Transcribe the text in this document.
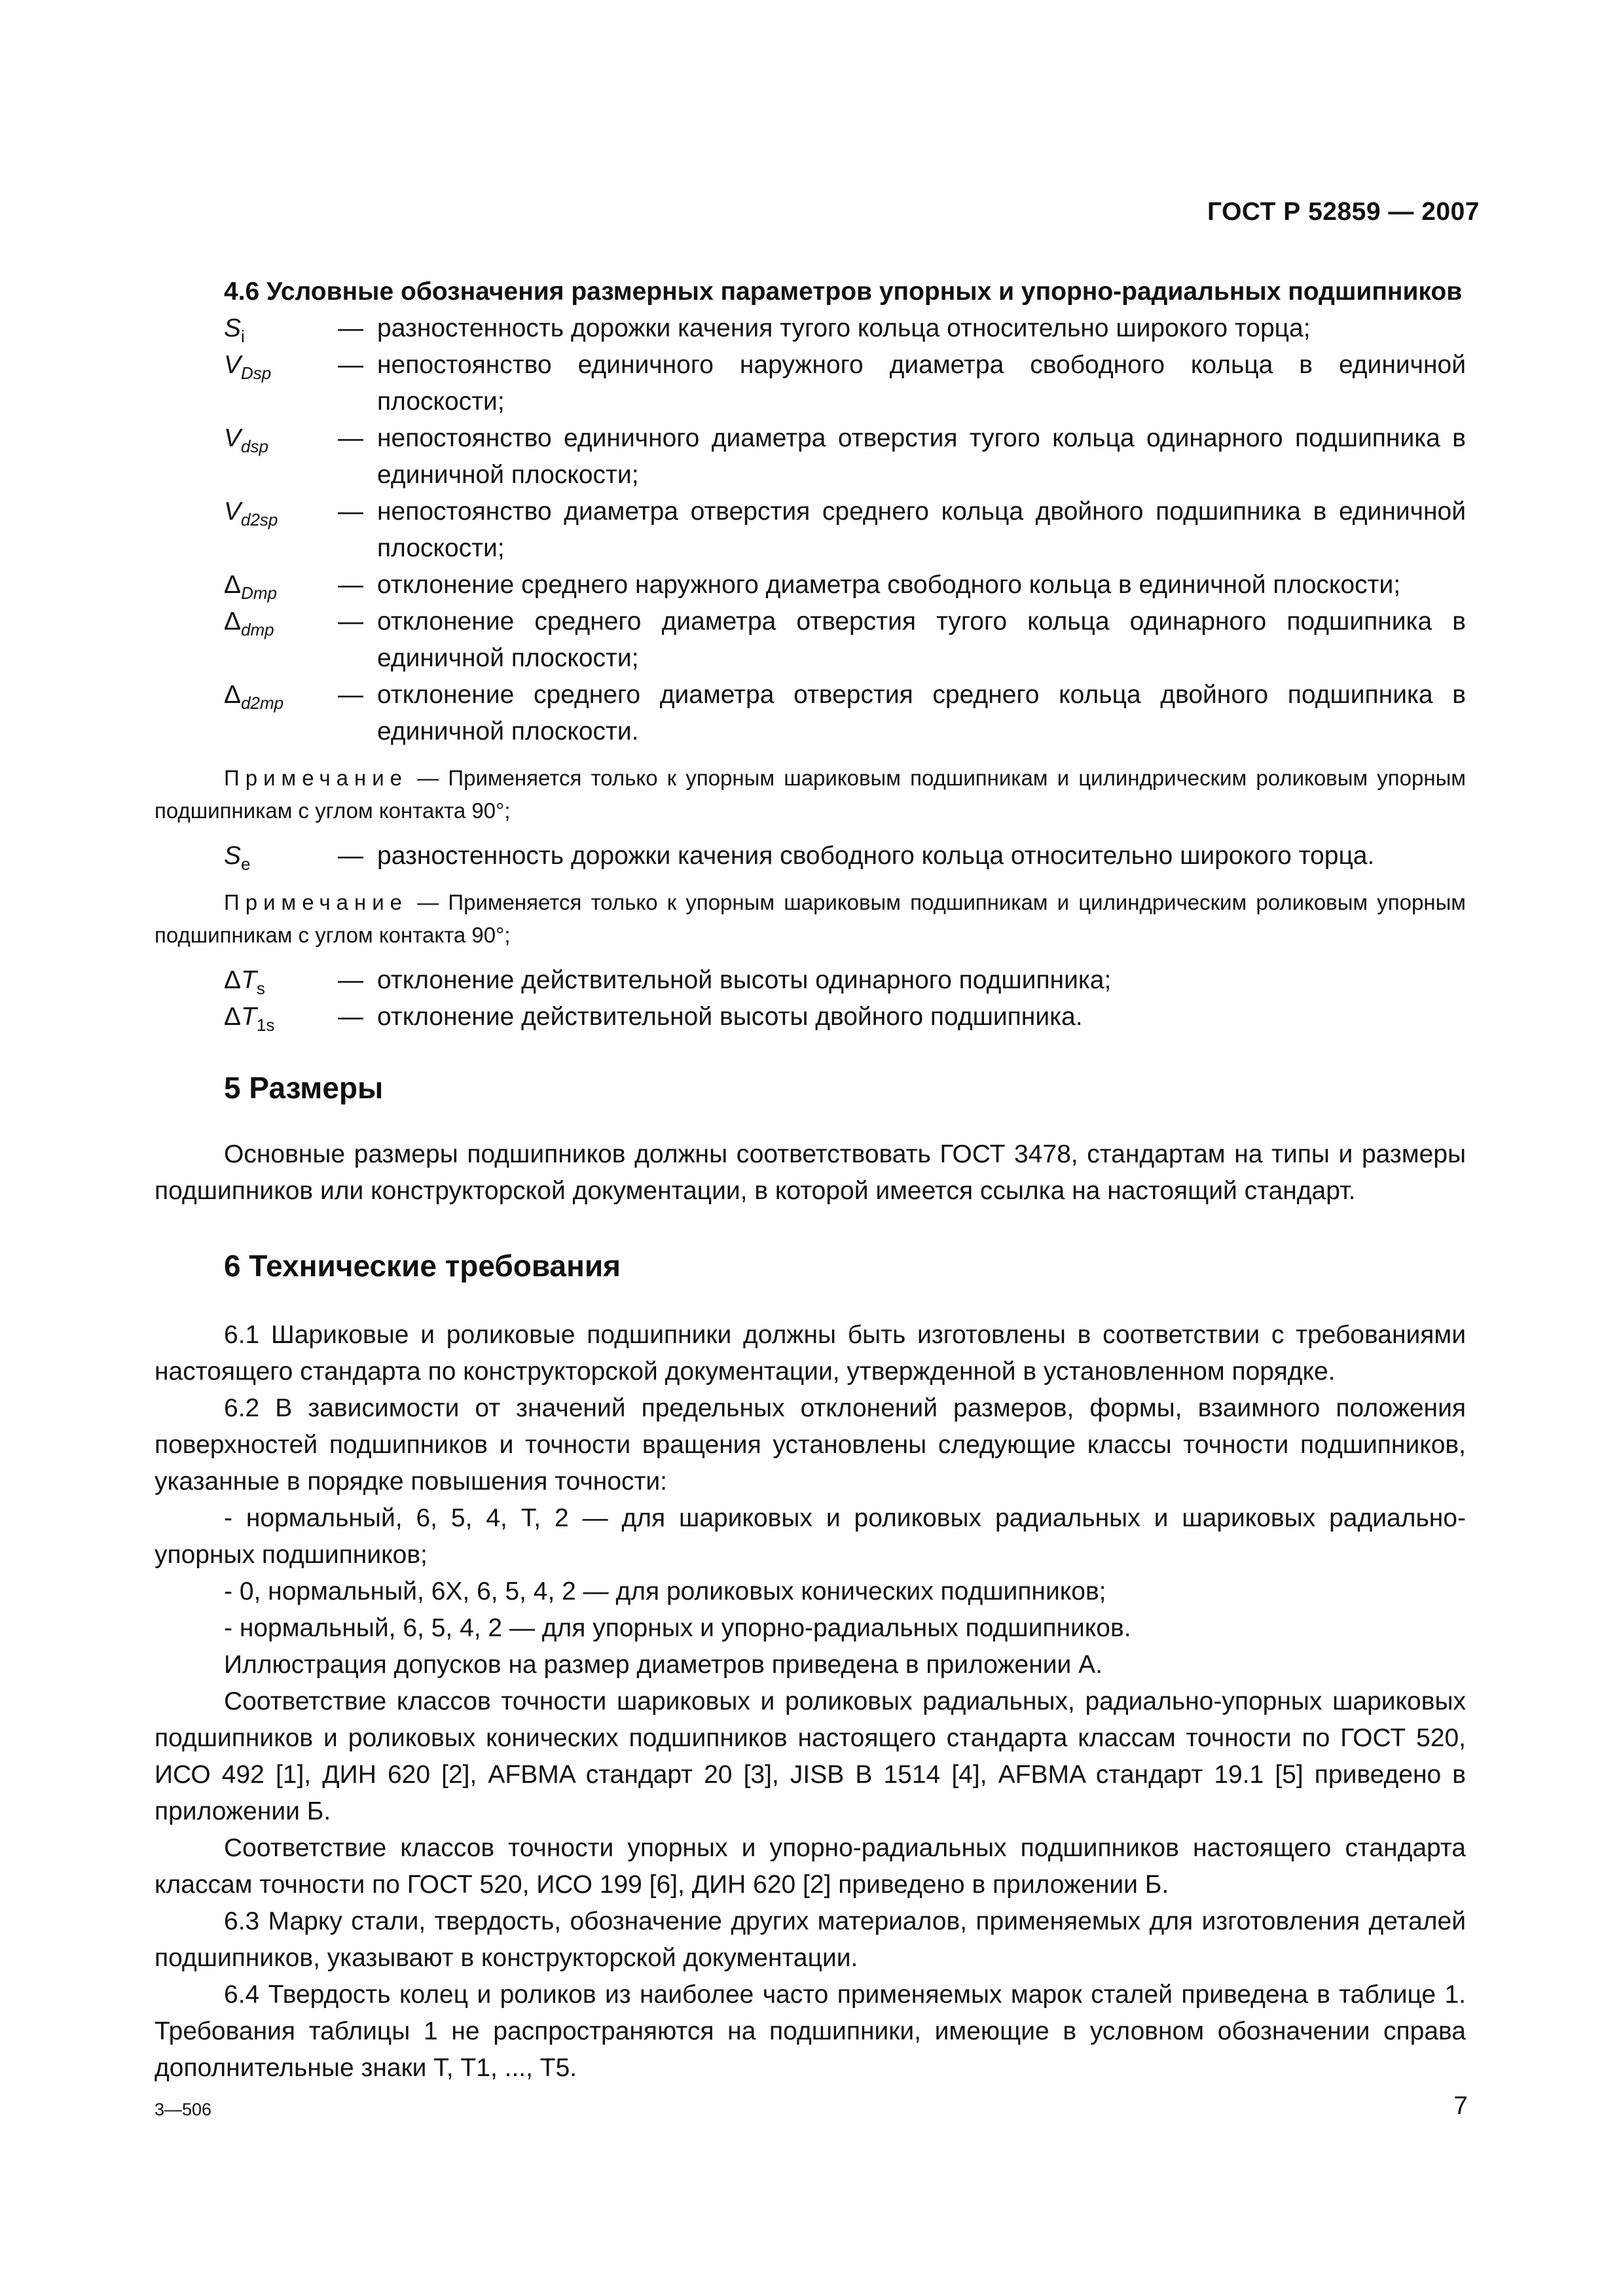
ГОСТ Р 52859 — 2007
4.6 Условные обозначения размерных параметров упорных и упорно-радиальных подшипников
$S_i$	— разностенность дорожки качения тугого кольца относительно широкого торца;
$V_{Dsp}$	— непостоянство единичного наружного диаметра свободного кольца в единичной плоскости;
$V_{dsp}$	— непостоянство единичного диаметра отверстия тугого кольца одинарного подшипника в единичной плоскости;
$V_{d2sp}$	— непостоянство диаметра отверстия среднего кольца двойного подшипника в единичной плоскости;
$\Delta_{Dmp}$	— отклонение среднего наружного диаметра свободного кольца в единичной плоскости;
$\Delta_{dmp}$	— отклонение среднего диаметра отверстия тугого кольца одинарного подшипника в единичной плоскости;
$\Delta_{d2mp}$	— отклонение среднего диаметра отверстия среднего кольца двойного подшипника в единичной плоскости.
Примечание — Применяется только к упорным шариковым подшипникам и цилиндрическим роликовым упорным подшипникам с углом контакта 90°;
$S_e$	— разностенность дорожки качения свободного кольца относительно широкого торца.
Примечание — Применяется только к упорным шариковым подшипникам и цилиндрическим роликовым упорным подшипникам с углом контакта 90°;
$\Delta T_s$	— отклонение действительной высоты одинарного подшипника;
$\Delta T_{1s}$	— отклонение действительной высоты двойного подшипника.
5 Размеры
Основные размеры подшипников должны соответствовать ГОСТ 3478, стандартам на типы и размеры подшипников или конструкторской документации, в которой имеется ссылка на настоящий стандарт.
6 Технические требования
6.1 Шариковые и роликовые подшипники должны быть изготовлены в соответствии с требованиями настоящего стандарта по конструкторской документации, утвержденной в установленном порядке.
6.2 В зависимости от значений предельных отклонений размеров, формы, взаимного положения поверхностей подшипников и точности вращения установлены следующие классы точности подшипников, указанные в порядке повышения точности:
- нормальный, 6, 5, 4, Т, 2 — для шариковых и роликовых радиальных и шариковых радиально-упорных подшипников;
- 0, нормальный, 6Х, 6, 5, 4, 2 — для роликовых конических подшипников;
- нормальный, 6, 5, 4, 2 — для упорных и упорно-радиальных подшипников.
Иллюстрация допусков на размер диаметров приведена в приложении А.
Соответствие классов точности шариковых и роликовых радиальных, радиально-упорных шариковых подшипников и роликовых конических подшипников настоящего стандарта классам точности по ГОСТ 520, ИСО 492 [1], ДИН 620 [2], AFBMA стандарт 20 [3], JISB В 1514 [4], AFBMA стандарт 19.1 [5] приведено в приложении Б.
Соответствие классов точности упорных и упорно-радиальных подшипников настоящего стандарта классам точности по ГОСТ 520, ИСО 199 [6], ДИН 620 [2] приведено в приложении Б.
6.3 Марку стали, твердость, обозначение других материалов, применяемых для изготовления деталей подшипников, указывают в конструкторской документации.
6.4 Твердость колец и роликов из наиболее часто применяемых марок сталей приведена в таблице 1. Требования таблицы 1 не распространяются на подшипники, имеющие в условном обозначении справа дополнительные знаки Т, Т1, ..., Т5.
3—506	7
